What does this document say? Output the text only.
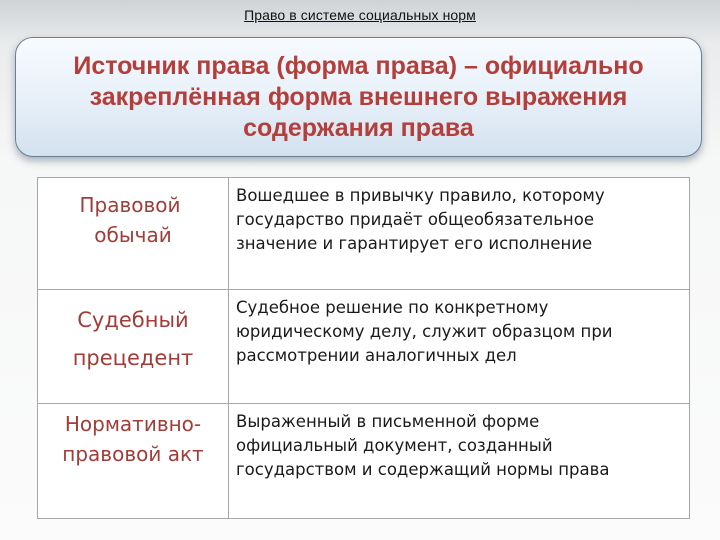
Право в системе социальных норм
Источник права (форма права) – официально
закреплённая форма внешнего выражения
содержания права
Правовой
обычай	Вошедшее в привычку правило, которому
государство придаёт общеобязательное
значение и гарантирует его исполнение

Судебный
прецедент	Судебное решение по конкретному
юридическому делу, служит образцом при
рассмотрении аналогичных дел

Нормативно-
правовой акт	Выраженный в письменной форме
официальный документ, созданный
государством и содержащий нормы права
